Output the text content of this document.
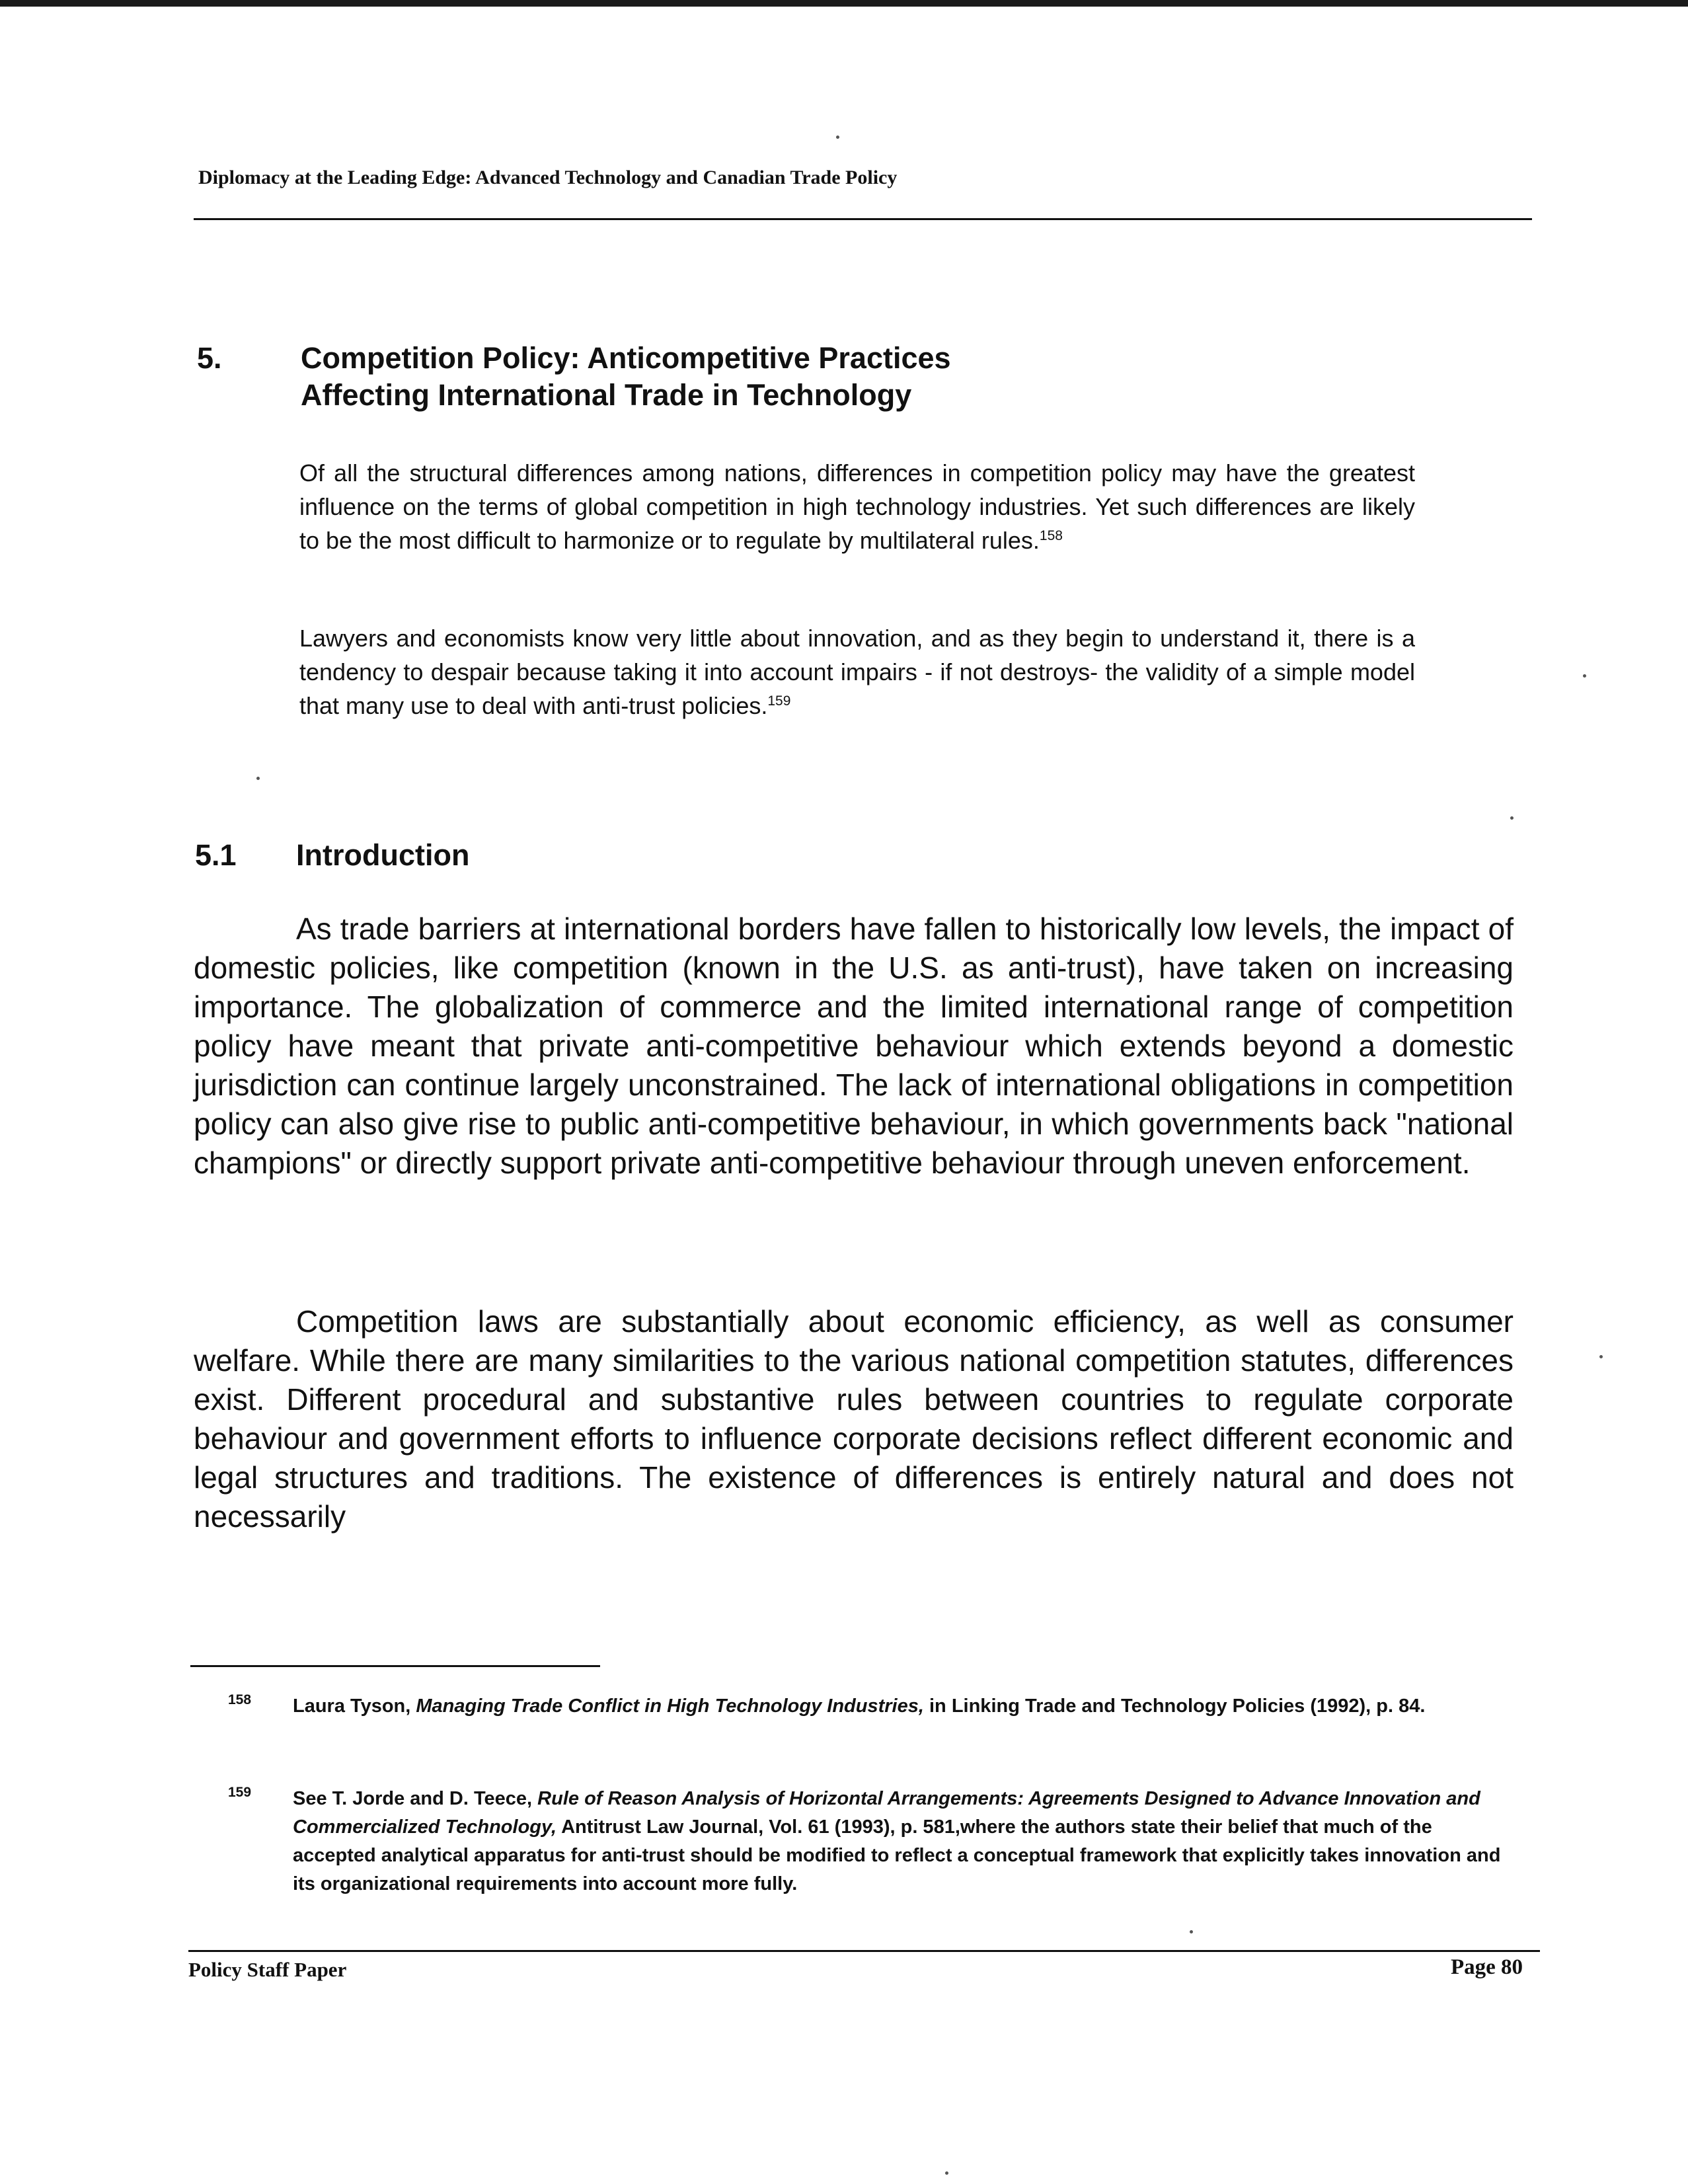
Diplomacy at the Leading Edge: Advanced Technology and Canadian Trade Policy
5.	Competition Policy: Anticompetitive Practices
Affecting International Trade in Technology
Of all the structural differences among nations, differences in competition policy may have the greatest influence on the terms of global competition in high technology industries. Yet such differences are likely to be the most difficult to harmonize or to regulate by multilateral rules.$^{158}$
Lawyers and economists know very little about innovation, and as they begin to understand it, there is a tendency to despair because taking it into account impairs - if not destroys- the validity of a simple model that many use to deal with anti-trust policies.$^{159}$
5.1 Introduction
As trade barriers at international borders have fallen to historically low levels, the impact of domestic policies, like competition (known in the U.S. as anti-trust), have taken on increasing importance. The globalization of commerce and the limited international range of competition policy have meant that private anti-competitive behaviour which extends beyond a domestic jurisdiction can continue largely unconstrained. The lack of international obligations in competition policy can also give rise to public anti-competitive behaviour, in which governments back "national champions" or directly support private anti-competitive behaviour through uneven enforcement.
Competition laws are substantially about economic efficiency, as well as consumer welfare. While there are many similarities to the various national competition statutes, differences exist. Different procedural and substantive rules between countries to regulate corporate behaviour and government efforts to influence corporate decisions reflect different economic and legal structures and traditions. The existence of differences is entirely natural and does not necessarily
158 Laura Tyson, Managing Trade Conflict in High Technology Industries, in Linking Trade and Technology Policies (1992), p. 84.
159 See T. Jorde and D. Teece, Rule of Reason Analysis of Horizontal Arrangements: Agreements Designed to Advance Innovation and Commercialized Technology, Antitrust Law Journal, Vol. 61 (1993), p. 581,where the authors state their belief that much of the accepted analytical apparatus for anti-trust should be modified to reflect a conceptual framework that explicitly takes innovation and its organizational requirements into account more fully.
Policy Staff Paper	Page 80
